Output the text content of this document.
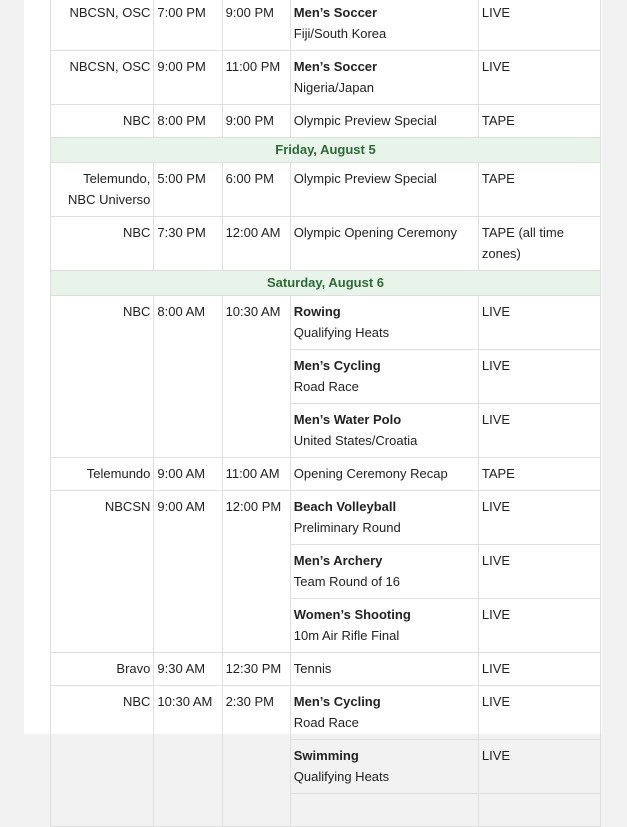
NBCSN, OSC	7:00 PM	9:00 PM	Men’s Soccer
Fiji/South Korea	LIVE
NBCSN, OSC	9:00 PM	11:00 PM	Men’s Soccer
Nigeria/Japan	LIVE
NBC	8:00 PM	9:00 PM	Olympic Preview Special	TAPE
Friday, August 5				
Telemundo, NBC Universo	5:00 PM	6:00 PM	Olympic Preview Special	TAPE
NBC	7:30 PM	12:00 AM	Olympic Opening Ceremony	TAPE (all time zones)
Saturday, August 6				
NBC	8:00 AM	10:30 AM	Rowing
Qualifying Heats	LIVE
			Men’s Cycling
Road Race	LIVE
			Men’s Water Polo
United States/Croatia	LIVE
Telemundo	9:00 AM	11:00 AM	Opening Ceremony Recap	TAPE
NBCSN	9:00 AM	12:00 PM	Beach Volleyball
Preliminary Round	LIVE
			Men’s Archery
Team Round of 16	LIVE
			Women’s Shooting
10m Air Rifle Final	LIVE
Bravo	9:30 AM	12:30 PM	Tennis	LIVE
NBC	10:30 AM	2:30 PM	Men’s Cycling
Road Race	LIVE
			Swimming
Qualifying Heats	LIVE
